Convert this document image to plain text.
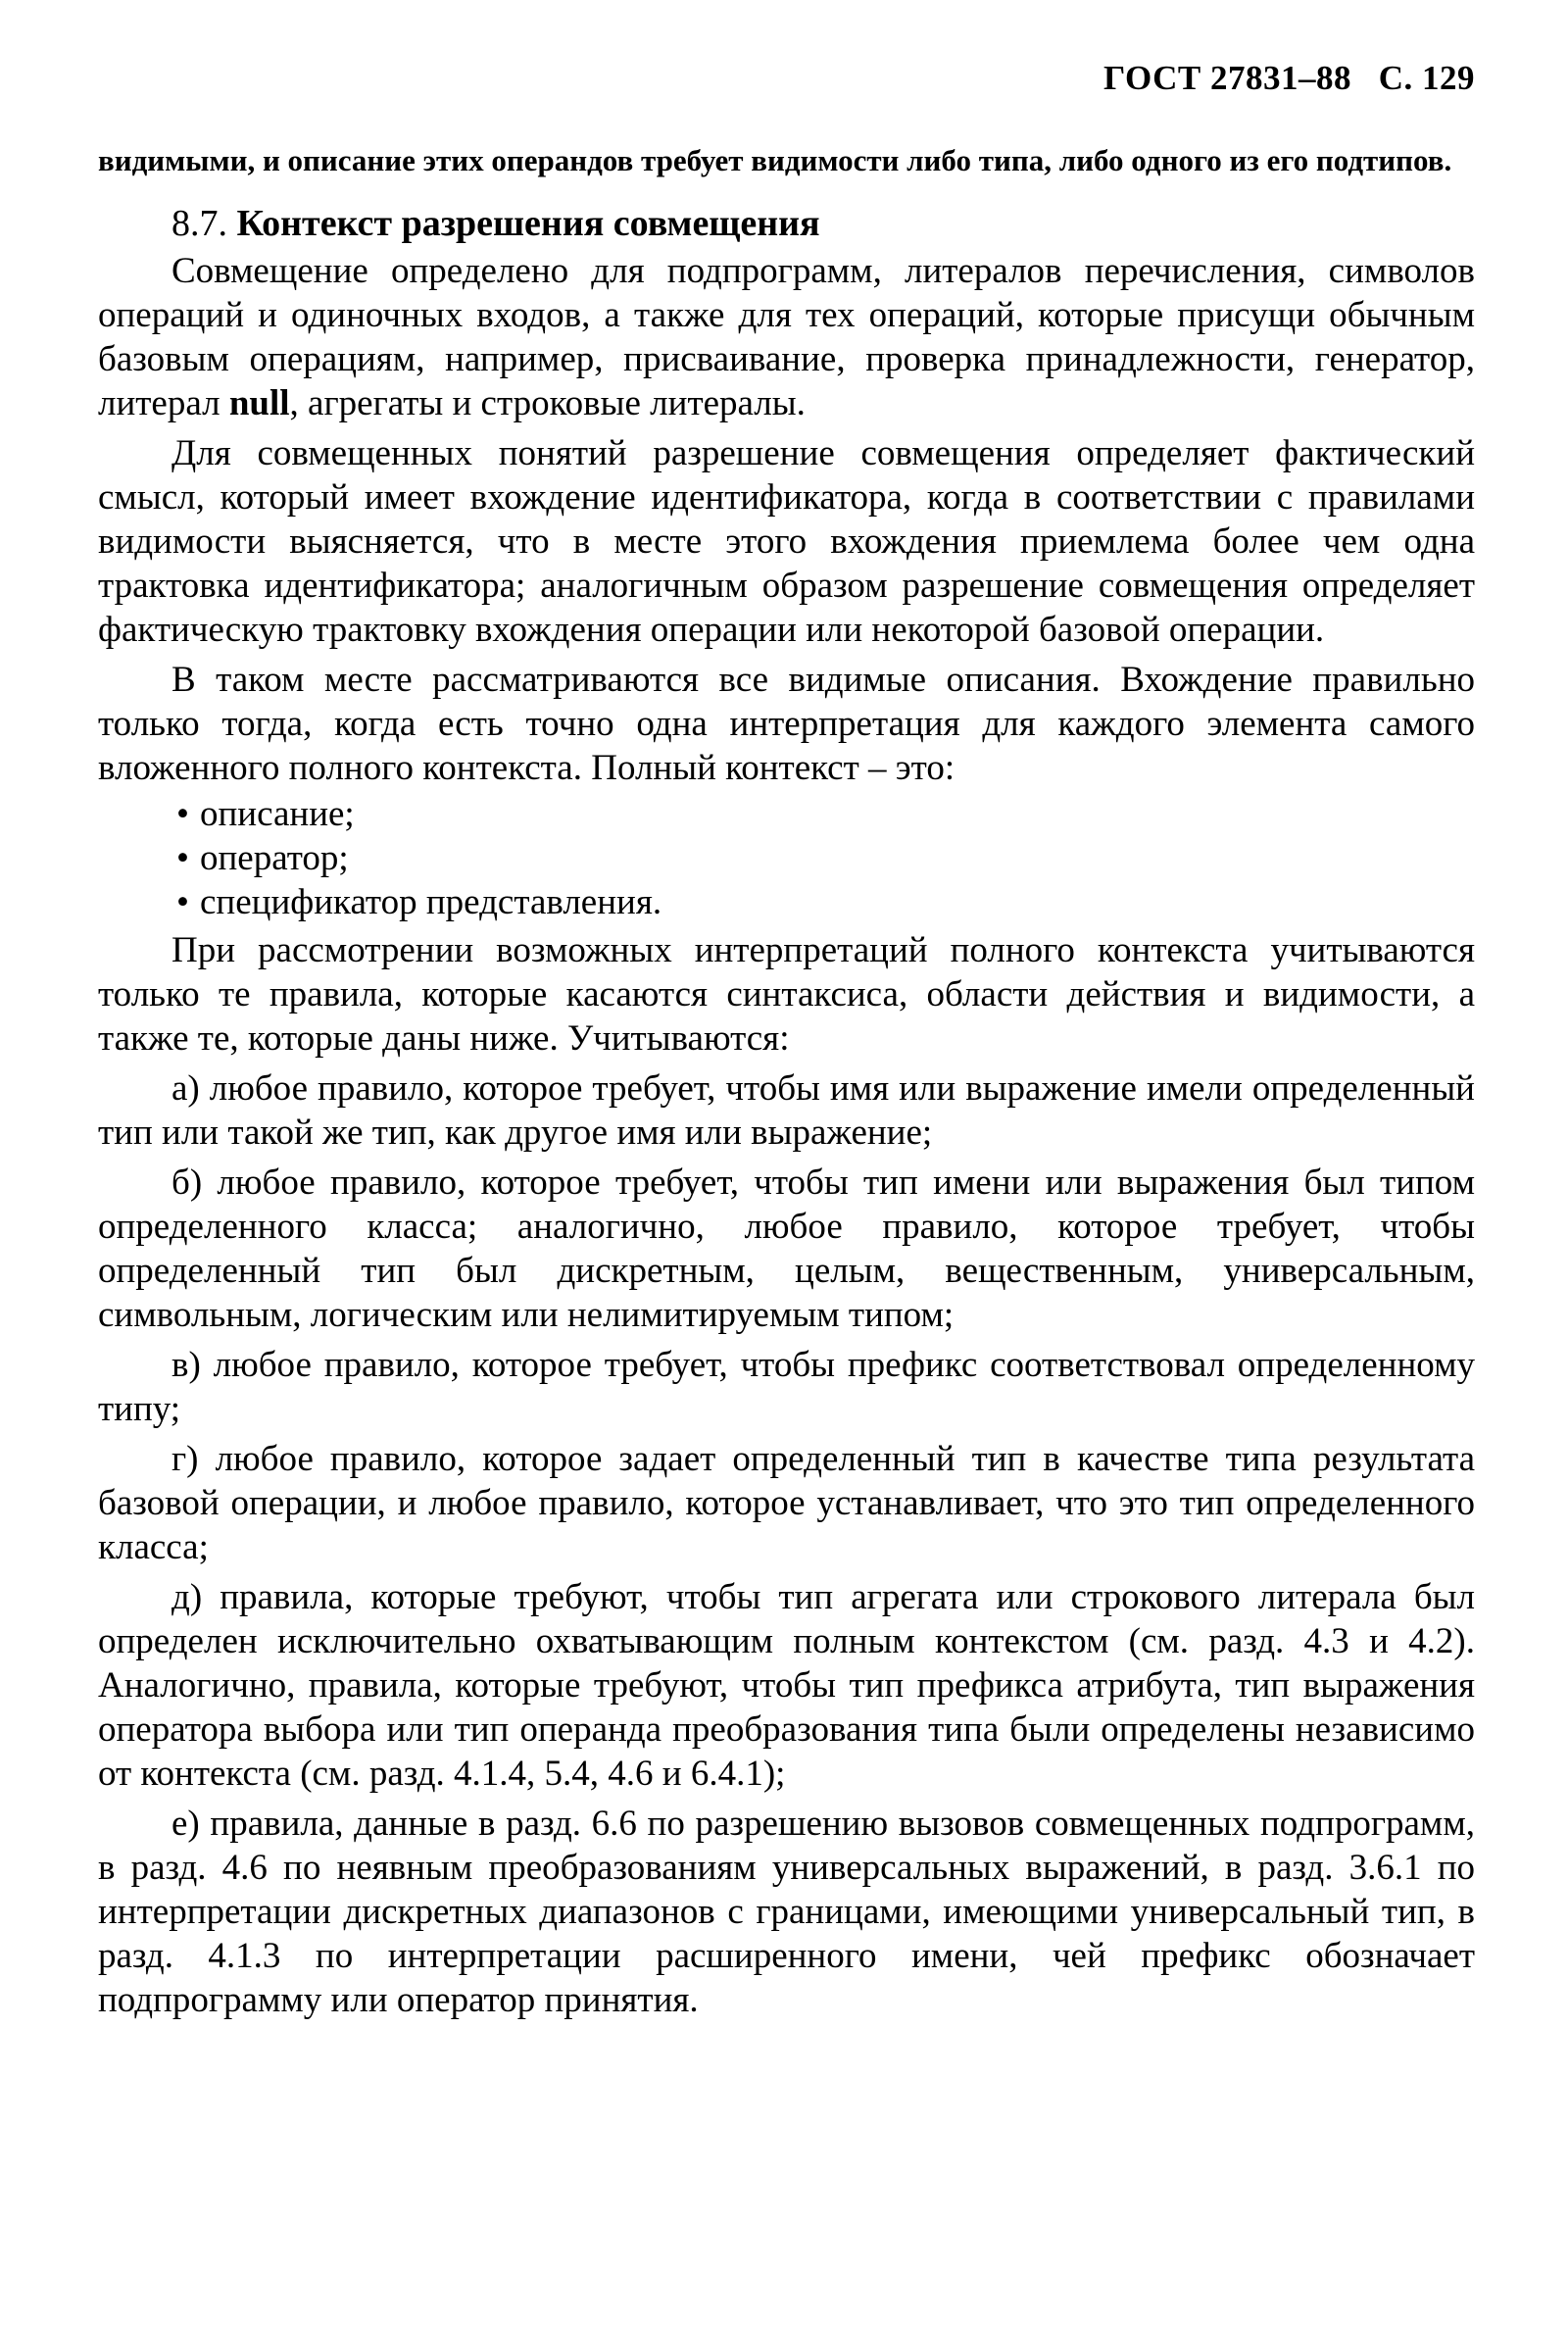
ГОСТ 27831–88 С. 129

видимыми, и описание этих операндов требует видимости либо типа, либо одного из его подтипов.

8.7. Контекст разрешения совмещения

Совмещение определено для подпрограмм, литералов перечисления, символов операций и одиночных входов, а также для тех операций, которые присущи обычным базовым операциям, например, присваивание, проверка принадлежности, генератор, литерал null, агрегаты и строковые литералы.

Для совмещенных понятий разрешение совмещения определяет фактический смысл, который имеет вхождение идентификатора, когда в соответствии с правилами видимости выясняется, что в месте этого вхождения приемлема более чем одна трактовка идентификатора; аналогичным образом разрешение совмещения определяет фактическую трактовку вхождения операции или некоторой базовой операции.

В таком месте рассматриваются все видимые описания. Вхождение правильно только тогда, когда есть точно одна интерпретация для каждого элемента самого вложенного полного контекста. Полный контекст – это:

• описание;
• оператор;
• спецификатор представления.

При рассмотрении возможных интерпретаций полного контекста учитываются только те правила, которые касаются синтаксиса, области действия и видимости, а также те, которые даны ниже. Учитываются:

а) любое правило, которое требует, чтобы имя или выражение имели определенный тип или такой же тип, как другое имя или выражение;

б) любое правило, которое требует, чтобы тип имени или выражения был типом определенного класса; аналогично, любое правило, которое требует, чтобы определенный тип был дискретным, целым, вещественным, универсальным, символьным, логическим или нелимитируемым типом;

в) любое правило, которое требует, чтобы префикс соответствовал определенному типу;

г) любое правило, которое задает определенный тип в качестве типа результата базовой операции, и любое правило, которое устанавливает, что это тип определенного класса;

д) правила, которые требуют, чтобы тип агрегата или строкового литерала был определен исключительно охватывающим полным контекстом (см. разд. 4.3 и 4.2). Аналогично, правила, которые требуют, чтобы тип префикса атрибута, тип выражения оператора выбора или тип операнда преобразования типа были определены независимо от контекста (см. разд. 4.1.4, 5.4, 4.6 и 6.4.1);

е) правила, данные в разд. 6.6 по разрешению вызовов совмещенных подпрограмм, в разд. 4.6 по неявным преобразованиям универсальных выражений, в разд. 3.6.1 по интерпретации дискретных диапазонов с границами, имеющими универсальный тип, в разд. 4.1.3 по интерпретации расширенного имени, чей префикс обозначает подпрограмму или оператор принятия.
